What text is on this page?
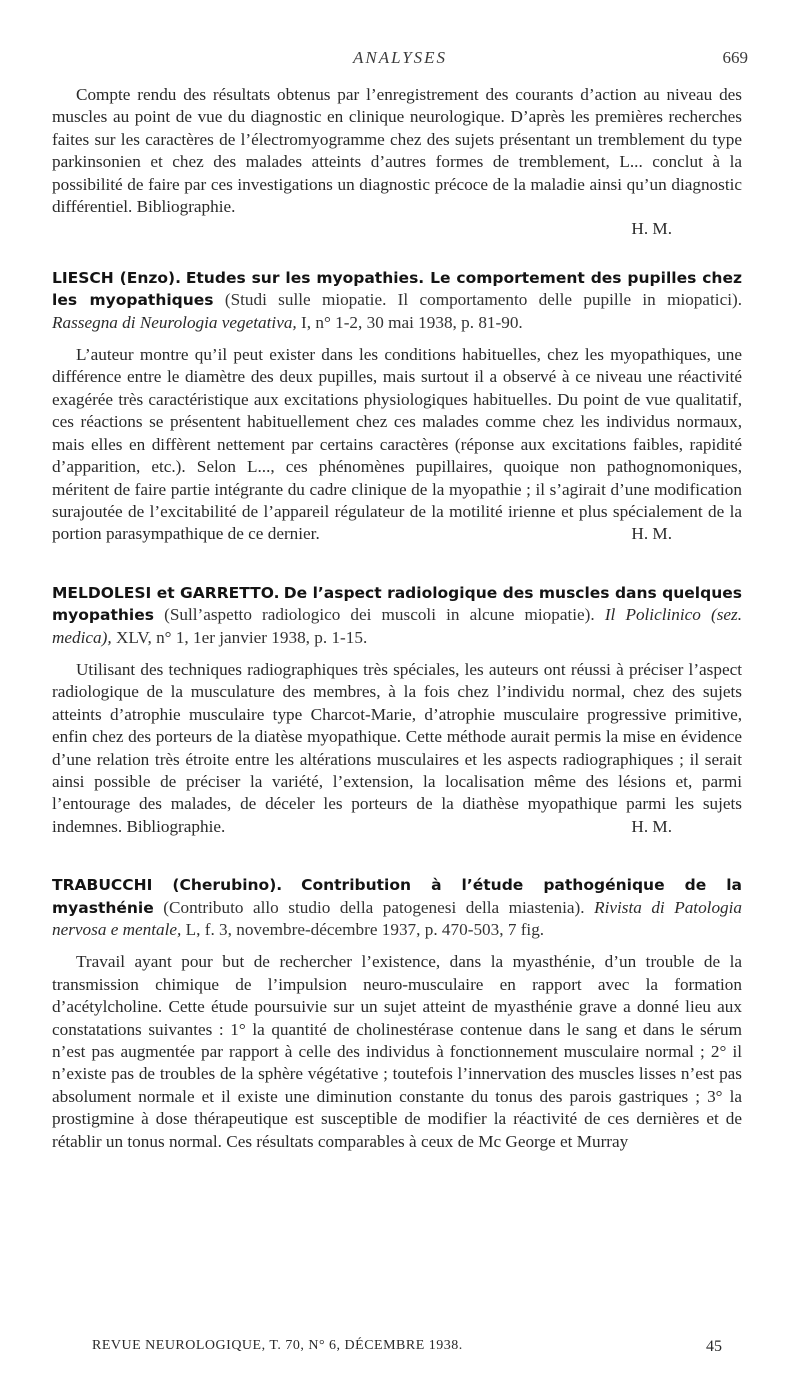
ANALYSES	669

Compte rendu des résultats obtenus par l’enregistrement des courants d’action au niveau des muscles au point de vue du diagnostic en clinique neurologique. D’après les premières recherches faites sur les caractères de l’électromyogramme chez des sujets présentant un tremblement du type parkinsonien et chez des malades atteints d’autres formes de tremblement, L... conclut à la possibilité de faire par ces investigations un diagnostic précoce de la maladie ainsi qu’un diagnostic différentiel. Bibliographie.

H. M.

LIESCH (Enzo). Etudes sur les myopathies. Le comportement des pupilles chez les myopathiques (Studi sulle miopatie. Il comportamento delle pupille in miopatici). Rassegna di Neurologia vegetativa, I, n° 1-2, 30 mai 1938, p. 81-90.

L’auteur montre qu’il peut exister dans les conditions habituelles, chez les myopathiques, une différence entre le diamètre des deux pupilles, mais surtout il a observé à ce niveau une réactivité exagérée très caractéristique aux excitations physiologiques habituelles. Du point de vue qualitatif, ces réactions se présentent habituellement chez ces malades comme chez les individus normaux, mais elles en diffèrent nettement par certains caractères (réponse aux excitations faibles, rapidité d’apparition, etc.). Selon L..., ces phénomènes pupillaires, quoique non pathognomoniques, méritent de faire partie intégrante du cadre clinique de la myopathie ; il s’agirait d’une modification surajoutée de l’excitabilité de l’appareil régulateur de la motilité irienne et plus spécialement de la portion parasympathique de ce dernier.	H. M.

MELDOLESI et GARRETTO. De l’aspect radiologique des muscles dans quelques myopathies (Sull’aspetto radiologico dei muscoli in alcune miopatie). Il Policlinico (sez. medica), XLV, n° 1, 1er janvier 1938, p. 1-15.

Utilisant des techniques radiographiques très spéciales, les auteurs ont réussi à préciser l’aspect radiologique de la musculature des membres, à la fois chez l’individu normal, chez des sujets atteints d’atrophie musculaire type Charcot-Marie, d’atrophie musculaire progressive primitive, enfin chez des porteurs de la diatèse myopathique. Cette méthode aurait permis la mise en évidence d’une relation très étroite entre les altérations musculaires et les aspects radiographiques ; il serait ainsi possible de préciser la variété, l’extension, la localisation même des lésions et, parmi l’entourage des malades, de déceler les porteurs de la diathèse myopathique parmi les sujets indemnes. Bibliographie.	H. M.

TRABUCCHI (Cherubino). Contribution à l’étude pathogénique de la myasthénie (Contributo allo studio della patogenesi della miastenia). Rivista di Patologia nervosa e mentale, L, f. 3, novembre-décembre 1937, p. 470-503, 7 fig.

Travail ayant pour but de rechercher l’existence, dans la myasthénie, d’un trouble de la transmission chimique de l’impulsion neuro-musculaire en rapport avec la formation d’acétylcholine. Cette étude poursuivie sur un sujet atteint de myasthénie grave a donné lieu aux constatations suivantes : 1° la quantité de cholinestérase contenue dans le sang et dans le sérum n’est pas augmentée par rapport à celle des individus à fonctionnement musculaire normal ; 2° il n’existe pas de troubles de la sphère végétative ; toutefois l’innervation des muscles lisses n’est pas absolument normale et il existe une diminution constante du tonus des parois gastriques ; 3° la prostigmine à dose thérapeutique est susceptible de modifier la réactivité de ces dernières et de rétablir un tonus normal. Ces résultats comparables à ceux de Mc George et Murray

REVUE NEUROLOGIQUE, T. 70, N° 6, DÉCEMBRE 1938.	45
